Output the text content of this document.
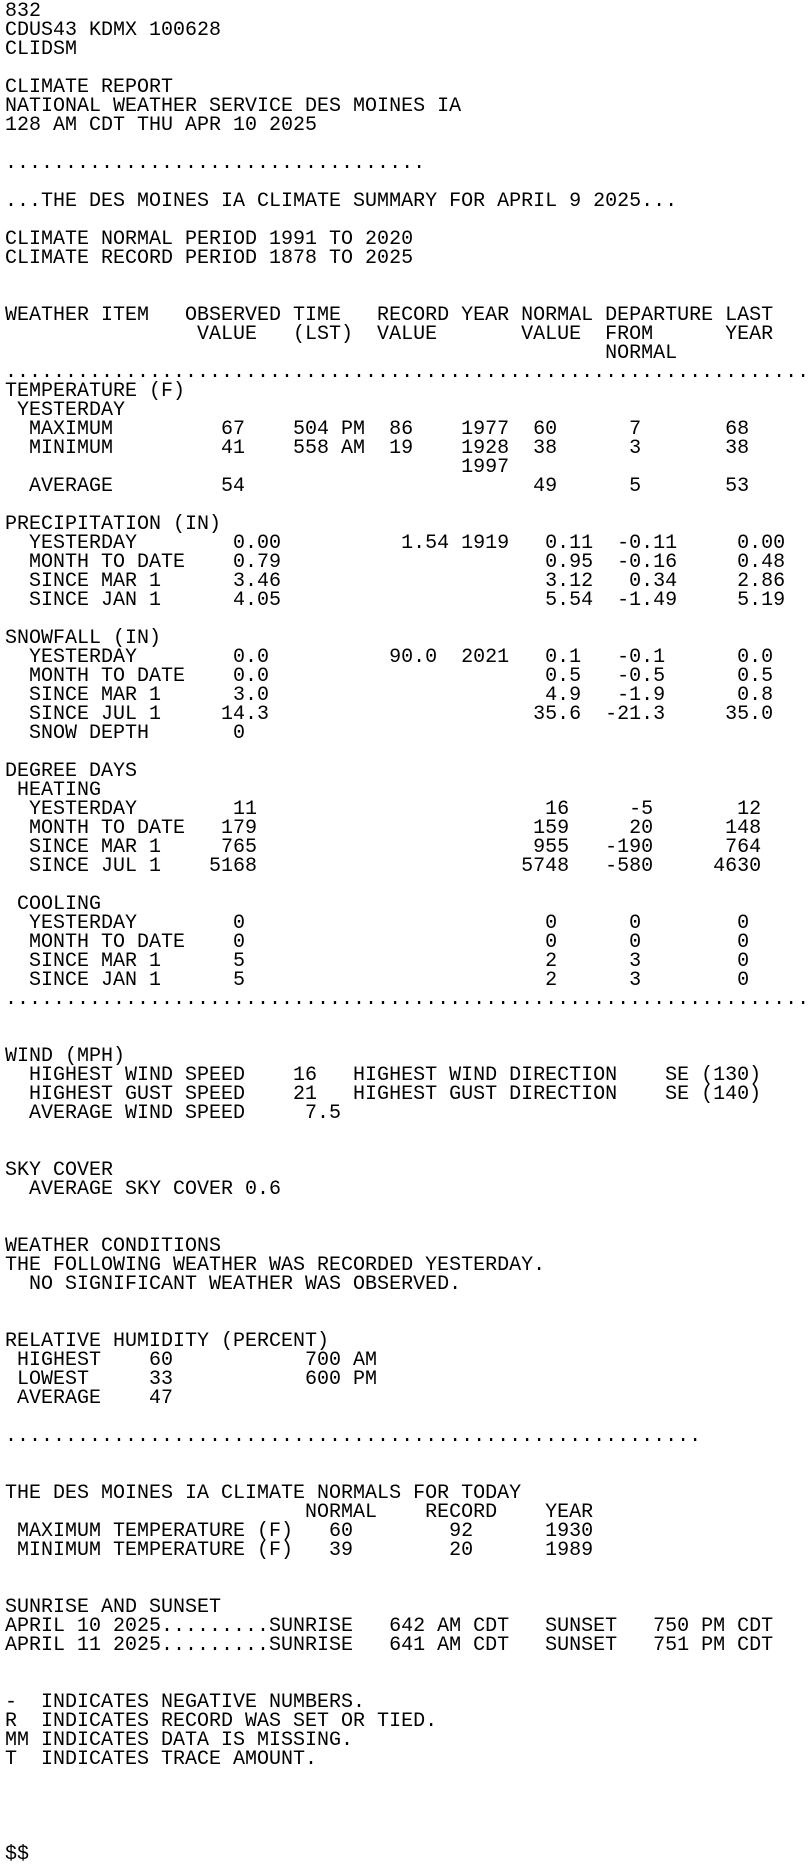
832
CDUS43 KDMX 100628
CLIDSM
CLIMATE REPORT
NATIONAL WEATHER SERVICE DES MOINES IA
128 AM CDT THU APR 10 2025
...................................
...THE DES MOINES IA CLIMATE SUMMARY FOR APRIL 9 2025...
CLIMATE NORMAL PERIOD 1991 TO 2020
CLIMATE RECORD PERIOD 1878 TO 2025
WEATHER ITEM   OBSERVED TIME   RECORD YEAR NORMAL DEPARTURE LAST
VALUE   (LST)  VALUE       VALUE  FROM      YEAR
NORMAL
...................................................................
TEMPERATURE (F)
YESTERDAY
MAXIMUM         67    504 PM  86    1977  60      7       68
MINIMUM         41    558 AM  19    1928  38      3       38
1997
AVERAGE         54                        49      5       53
PRECIPITATION (IN)
YESTERDAY        0.00          1.54 1919   0.11  -0.11     0.00
MONTH TO DATE    0.79                      0.95  -0.16     0.48
SINCE MAR 1      3.46                      3.12   0.34     2.86
SINCE JAN 1      4.05                      5.54  -1.49     5.19
SNOWFALL (IN)
YESTERDAY        0.0          90.0  2021   0.1   -0.1      0.0
MONTH TO DATE    0.0                       0.5   -0.5      0.5
SINCE MAR 1      3.0                       4.9   -1.9      0.8
SINCE JUL 1     14.3                      35.6  -21.3     35.0
SNOW DEPTH       0
DEGREE DAYS
HEATING
YESTERDAY        11                        16     -5       12
MONTH TO DATE   179                       159     20      148
SINCE MAR 1     765                       955   -190      764
SINCE JUL 1    5168                      5748   -580     4630
COOLING
YESTERDAY        0                         0      0        0
MONTH TO DATE    0                         0      0        0
SINCE MAR 1      5                         2      3        0
SINCE JAN 1      5                         2      3        0
...................................................................
WIND (MPH)
HIGHEST WIND SPEED    16   HIGHEST WIND DIRECTION    SE (130)
HIGHEST GUST SPEED    21   HIGHEST GUST DIRECTION    SE (140)
AVERAGE WIND SPEED     7.5
SKY COVER
AVERAGE SKY COVER 0.6
WEATHER CONDITIONS
THE FOLLOWING WEATHER WAS RECORDED YESTERDAY.
NO SIGNIFICANT WEATHER WAS OBSERVED.
RELATIVE HUMIDITY (PERCENT)
HIGHEST    60           700 AM
LOWEST     33           600 PM
AVERAGE    47
..........................................................
THE DES MOINES IA CLIMATE NORMALS FOR TODAY
NORMAL    RECORD    YEAR
MAXIMUM TEMPERATURE (F)   60        92      1930
MINIMUM TEMPERATURE (F)   39        20      1989
SUNRISE AND SUNSET
APRIL 10 2025.........SUNRISE   642 AM CDT   SUNSET   750 PM CDT
APRIL 11 2025.........SUNRISE   641 AM CDT   SUNSET   751 PM CDT
-  INDICATES NEGATIVE NUMBERS.
R  INDICATES RECORD WAS SET OR TIED.
MM INDICATES DATA IS MISSING.
T  INDICATES TRACE AMOUNT.
$$
